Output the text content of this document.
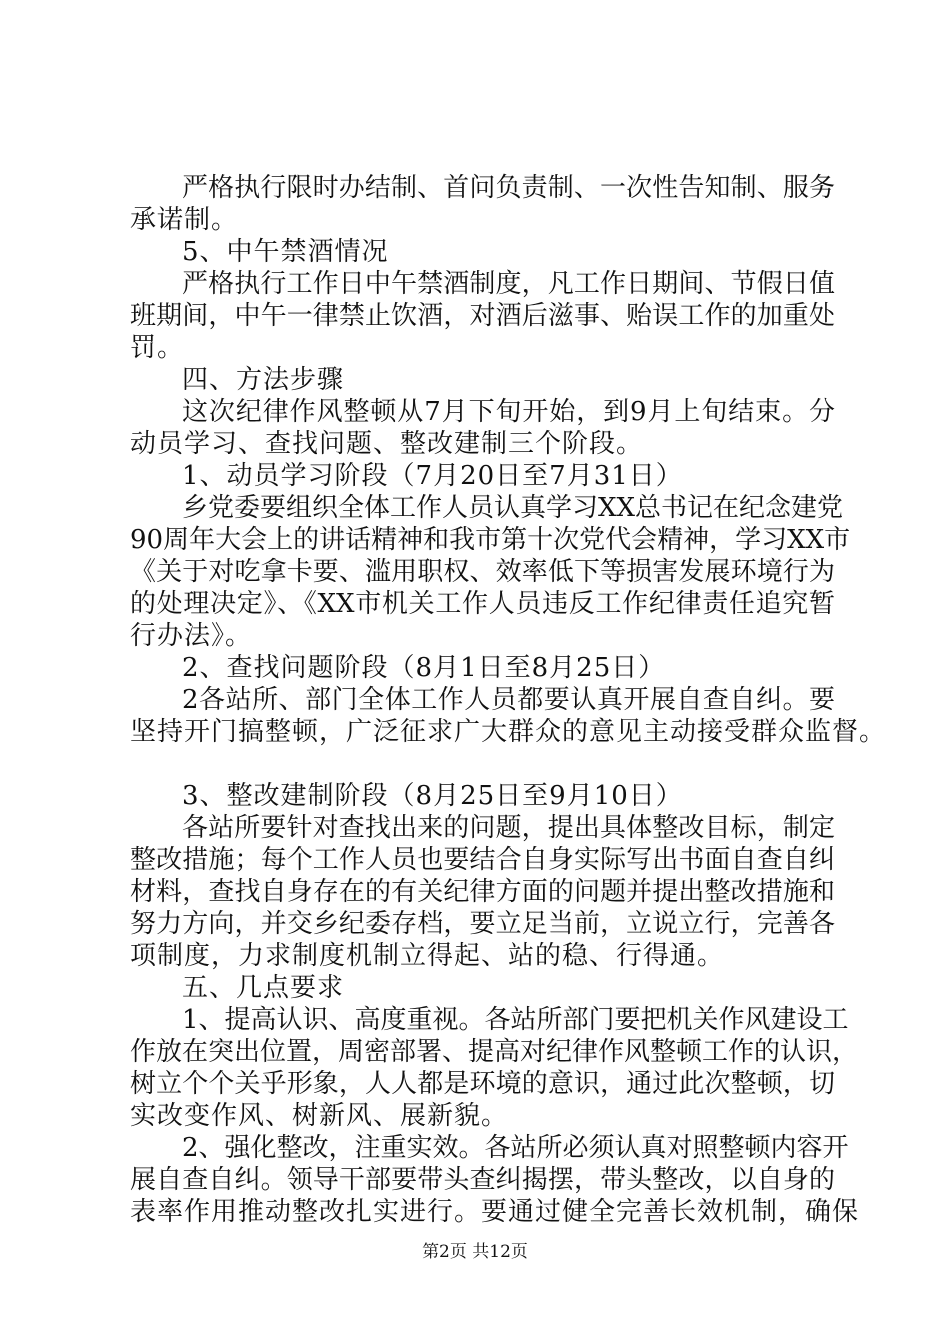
严格执行限时办结制、首问负责制、一次性告知制、服务
承诺制。
5、中午禁酒情况
严格执行工作日中午禁酒制度，凡工作日期间、节假日值
班期间，中午一律禁止饮酒，对酒后滋事、贻误工作的加重处
罚。
四、方法步骤
这次纪律作风整顿从7月下旬开始，到9月上旬结束。分
动员学习、查找问题、整改建制三个阶段。
1、动员学习阶段（7月20日至7月31日）
乡党委要组织全体工作人员认真学习XX总书记在纪念建党
90周年大会上的讲话精神和我市第十次党代会精神，学习XX市
《关于对吃拿卡要、滥用职权、效率低下等损害发展环境行为
的处理决定》、《XX市机关工作人员违反工作纪律责任追究暂
行办法》。
2、查找问题阶段（8月1日至8月25日）
2各站所、部门全体工作人员都要认真开展自查自纠。要
坚持开门搞整顿，广泛征求广大群众的意见主动接受群众监督。
3、整改建制阶段（8月25日至9月10日）
各站所要针对查找出来的问题，提出具体整改目标，制定
整改措施；每个工作人员也要结合自身实际写出书面自查自纠
材料，查找自身存在的有关纪律方面的问题并提出整改措施和
努力方向，并交乡纪委存档，要立足当前，立说立行，完善各
项制度，力求制度机制立得起、站的稳、行得通。
五、几点要求
1、提高认识、高度重视。各站所部门要把机关作风建设工
作放在突出位置，周密部署、提高对纪律作风整顿工作的认识，
树立个个关乎形象，人人都是环境的意识，通过此次整顿，切
实改变作风、树新风、展新貌。
2、强化整改，注重实效。各站所必须认真对照整顿内容开
展自查自纠。领导干部要带头查纠揭摆，带头整改，以自身的
表率作用推动整改扎实进行。要通过健全完善长效机制，确保
第2页 共12页
